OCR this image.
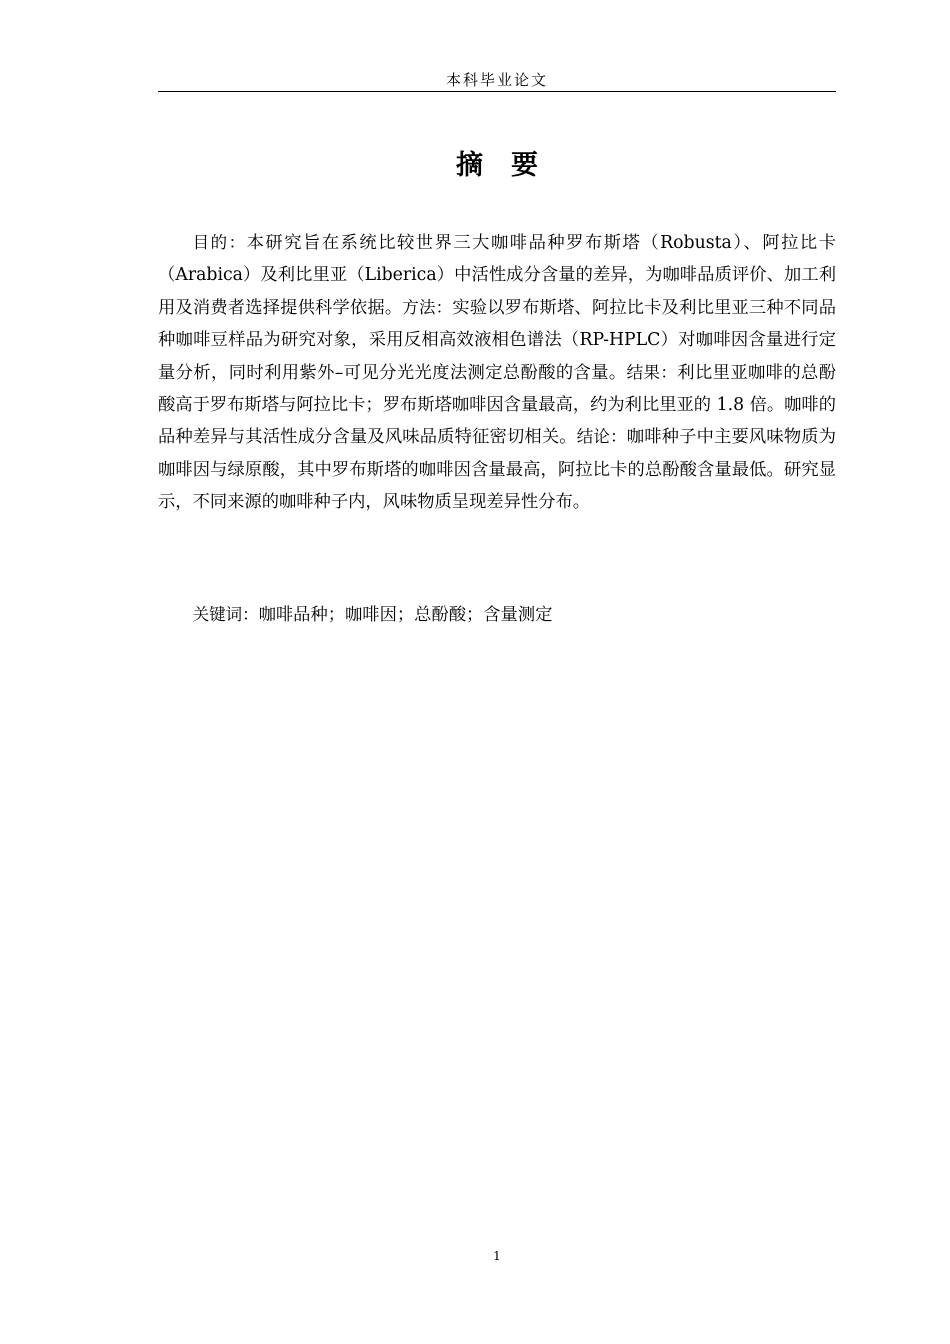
本科毕业论文
摘 要

目的：本研究旨在系统比较世界三大咖啡品种罗布斯塔（Robusta）、阿拉比卡（Arabica）及利比里亚（Liberica）中活性成分含量的差异，为咖啡品质评价、加工利用及消费者选择提供科学依据。方法：实验以罗布斯塔、阿拉比卡及利比里亚三种不同品种咖啡豆样品为研究对象，采用反相高效液相色谱法（RP-HPLC）对咖啡因含量进行定量分析，同时利用紫外–可见分光光度法测定总酚酸的含量。结果：利比里亚咖啡的总酚酸高于罗布斯塔与阿拉比卡；罗布斯塔咖啡因含量最高，约为利比里亚的 1.8 倍。咖啡的品种差异与其活性成分含量及风味品质特征密切相关。结论：咖啡种子中主要风味物质为咖啡因与绿原酸，其中罗布斯塔的咖啡因含量最高，阿拉比卡的总酚酸含量最低。研究显示，不同来源的咖啡种子内，风味物质呈现差异性分布。

关键词：咖啡品种；咖啡因；总酚酸；含量测定

1
